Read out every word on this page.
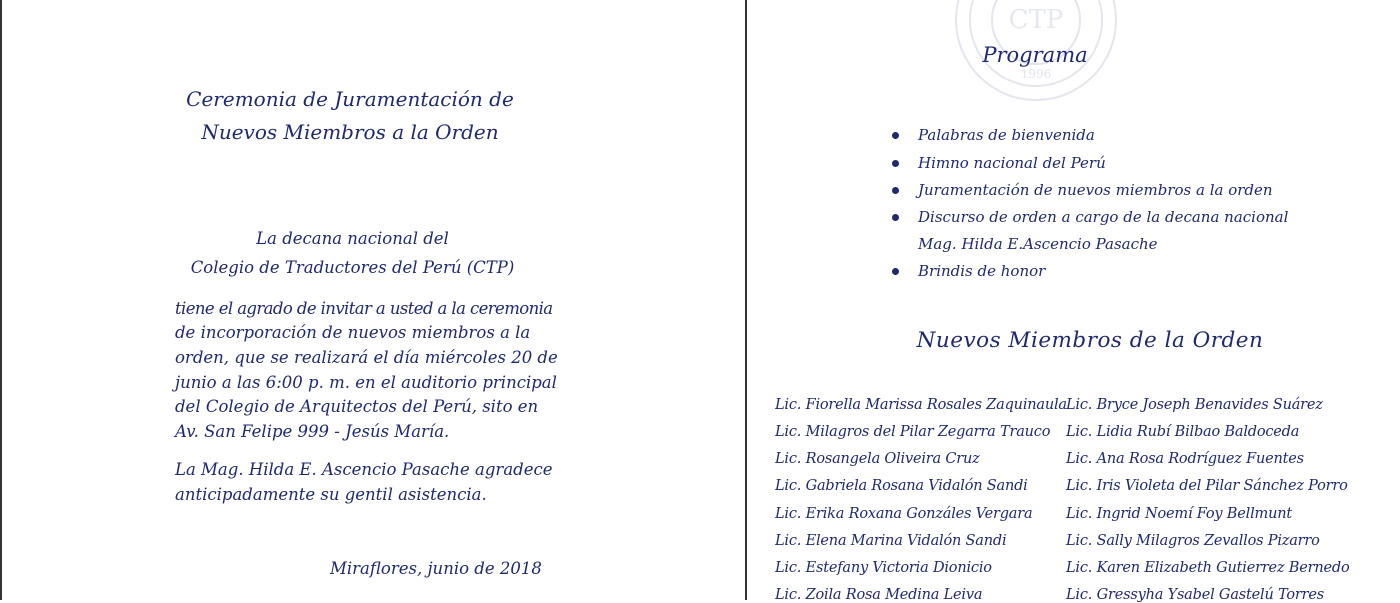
Ceremonia de Juramentación de
Nuevos Miembros a la Orden
La decana nacional del
Colegio de Traductores del Perú (CTP)
tiene el agrado de invitar a usted a la ceremonia
de incorporación de nuevos miembros a la
orden, que se realizará el día miércoles 20 de
junio a las 6:00 p. m. en el auditorio principal
del Colegio de Arquitectos del Perú, sito en
Av. San Felipe 999 - Jesús María.
La Mag. Hilda E. Ascencio Pasache agradece
anticipadamente su gentil asistencia.
Miraflores, junio de 2018
CTP
1996
Programa
Palabras de bienvenida
Himno nacional del Perú
Juramentación de nuevos miembros a la orden
Discurso de orden a cargo de la decana nacional
Mag. Hilda E.Ascencio Pasache
Brindis de honor
Nuevos Miembros de la Orden
Lic. Fiorella Marissa Rosales Zaquinaula
Lic. Milagros del Pilar Zegarra Trauco
Lic. Rosangela Oliveira Cruz
Lic. Gabriela Rosana Vidalón Sandi
Lic. Erika Roxana Gonzáles Vergara
Lic. Elena Marina Vidalón Sandi
Lic. Estefany Victoria Dionicio
Lic. Zoila Rosa Medina Leiva
Lic. Bryce Joseph Benavides Suárez
Lic. Lidia Rubí Bilbao Baldoceda
Lic. Ana Rosa Rodríguez Fuentes
Lic. Iris Violeta del Pilar Sánchez Porro
Lic. Ingrid Noemí Foy Bellmunt
Lic. Sally Milagros Zevallos Pizarro
Lic. Karen Elizabeth Gutierrez Bernedo
Lic. Gressyha Ysabel Gastelú Torres
